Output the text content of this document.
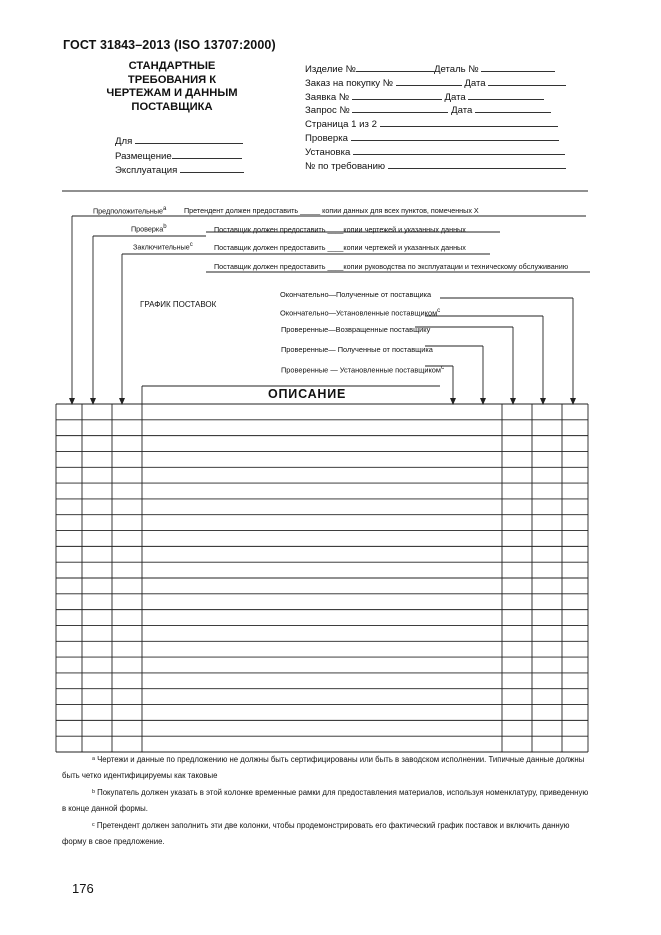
ГОСТ 31843–2013 (ISO 13707:2000)
СТАНДАРТНЫЕ
ТРЕБОВАНИЯ К
ЧЕРТЕЖАМ И ДАННЫМ
ПОСТАВЩИКА
Для
Размещение
Эксплуатация
Изделие №	Деталь №
Заказ на покупку №	Дата
Заявка №	Дата
Запрос №	Дата
Страница 1 из 2
Проверка
Установка
№ по требованию
Предположительные$^a$ Претендент должен предоставить _____ копии данных для всех пунктов, помеченных Х
Проверка$^b$	Поставщик должен предоставить ____копии чертежей и указанных данных
Заключительные$^c$	Поставщик должен предоставить ____копии чертежей и указанных данных
Поставщик должен предоставить ____копии руководства по эксплуатации и техническому обслуживанию
ГРАФИК ПОСТАВОК
Окончательно—Полученные от поставщика
Окончательно—Установленные поставщиком$^c$
Проверенные—Возвращенные поставщику
Проверенные— Полученные от поставщика
Проверенные — Установленные поставщиком$^c$
ОПИСАНИЕ

ᵃ Чертежи и данные по предложению не должны быть сертифицированы или быть в заводском исполнении. Типичные данные должны быть четко идентифицируемы как таковые

ᵇ Покупатель должен указать в этой колонке временные рамки для предоставления материалов, используя номенклатуру, приведенную в конце данной формы.

ᶜ Претендент должен заполнить эти две колонки, чтобы продемонстрировать его фактический график поставок и включить данную форму в свое предложение.

176
